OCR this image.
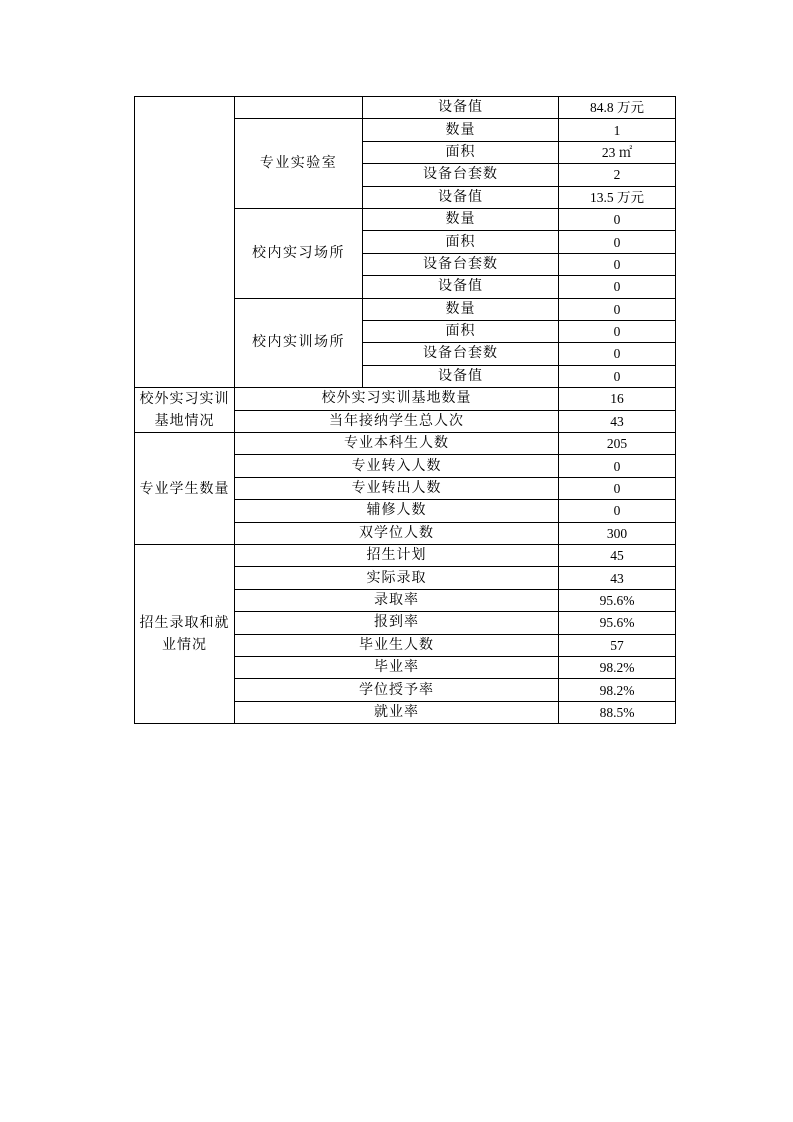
		设备值	84.8 万元
	专业实验室	数量	1
		面积	23 ㎡
		设备台套数	2
		设备值	13.5 万元
	校内实习场所	数量	0
		面积	0
		设备台套数	0
		设备值	0
	校内实训场所	数量	0
		面积	0
		设备台套数	0
		设备值	0
校外实习实训基地情况	校外实习实训基地数量		16
	当年接纳学生总人次		43
专业学生数量	专业本科生人数		205
	专业转入人数		0
	专业转出人数		0
	辅修人数		0
	双学位人数		300
招生录取和就业情况	招生计划		45
	实际录取		43
	录取率		95.6%
	报到率		95.6%
	毕业生人数		57
	毕业率		98.2%
	学位授予率		98.2%
	就业率		88.5%
